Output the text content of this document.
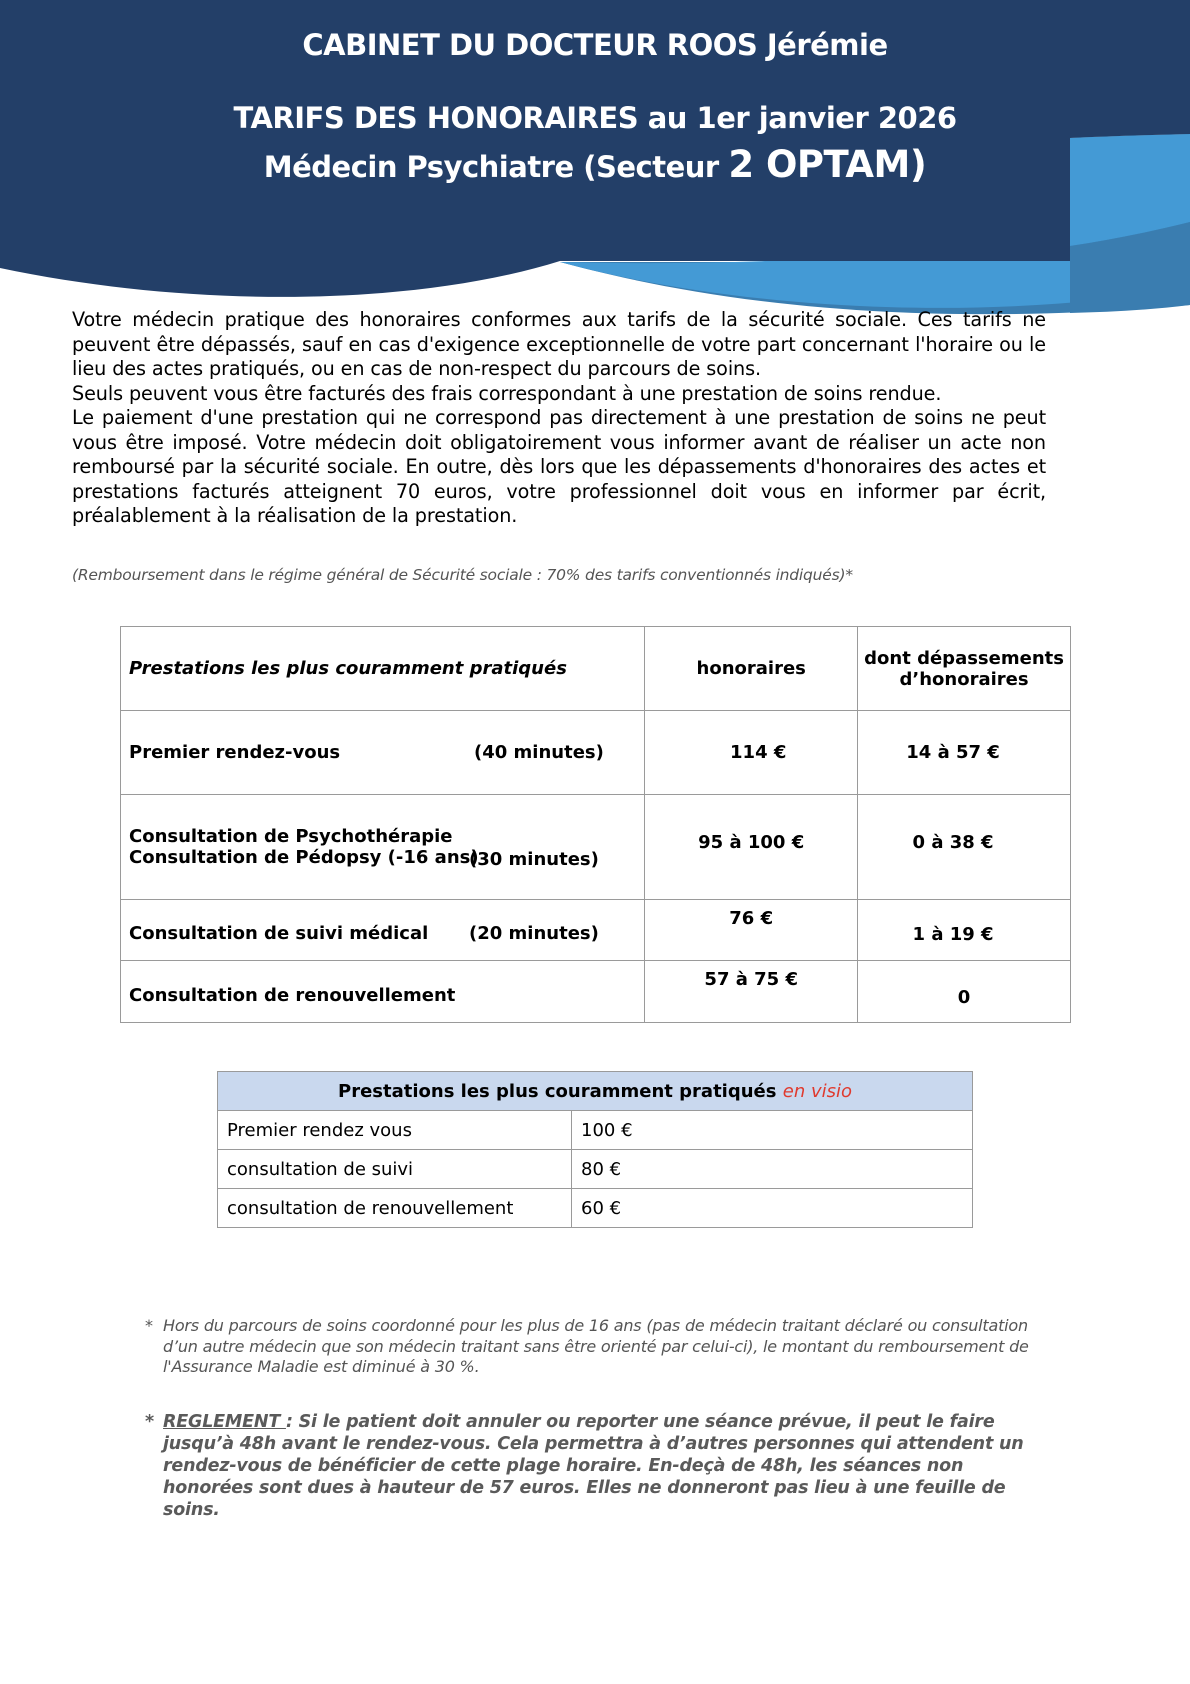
CABINET DU DOCTEUR ROOS Jérémie
TARIFS DES HONORAIRES au 1er janvier 2026
Médecin Psychiatre (Secteur 2 OPTAM)

Votre médecin pratique des honoraires conformes aux tarifs de la sécurité sociale. Ces tarifs ne peuvent être dépassés, sauf en cas d'exigence exceptionnelle de votre part concernant l'horaire ou le lieu des actes pratiqués, ou en cas de non-respect du parcours de soins.

Seuls peuvent vous être facturés des frais correspondant à une prestation de soins rendue.

Le paiement d'une prestation qui ne correspond pas directement à une prestation de soins ne peut vous être imposé. Votre médecin doit obligatoirement vous informer avant de réaliser un acte non remboursé par la sécurité sociale. En outre, dès lors que les dépassements d'honoraires des actes et prestations facturés atteignent 70 euros, votre professionnel doit vous en informer par écrit, préalablement à la réalisation de la prestation.

(Remboursement dans le régime général de Sécurité sociale : 70% des tarifs conventionnés indiqués)*
Prestations les plus couramment pratiqués	honoraires	dont dépassements
d’honoraires

Premier rendez-vous (40 minutes)	114 €	14 à 57 €

Consultation de Psychothérapie
Consultation de Pédopsy (-16 ans)
(30 minutes)	95 à 100 €	0 à 38 €

Consultation de suivi médical (20 minutes)	76 €	1 à 19 €
Consultation de renouvellement	57 à 75 €	0
Prestations les plus couramment pratiqués en visio	
Premier rendez vous	100 €
consultation de suivi	80 €
consultation de renouvellement	60 €
* Hors du parcours de soins coordonné pour les plus de 16 ans (pas de médecin traitant déclaré ou consultation d’un autre médecin que son médecin traitant sans être orienté par celui-ci), le montant du remboursement de l'Assurance Maladie est diminué à 30 %.
* REGLEMENT : Si le patient doit annuler ou reporter une séance prévue, il peut le faire jusqu’à 48h avant le rendez-vous. Cela permettra à d’autres personnes qui attendent un rendez-vous de bénéficier de cette plage horaire. En-deçà de 48h, les séances non honorées sont dues à hauteur de 57 euros. Elles ne donneront pas lieu à une feuille de soins.
